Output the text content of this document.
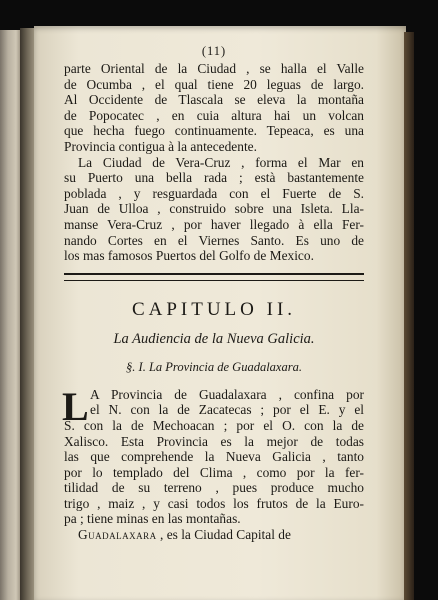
(11)
parte Oriental de la Ciudad , se halla el Valle
de Ocumba , el qual tiene 20 leguas de largo.
Al Occidente de Tlascala se eleva la montaña
de Popocatec , en cuia altura hai un volcan
que hecha fuego continuamente. Tepeaca, es una
Provincia contigua à la antecedente.
La Ciudad de Vera-Cruz , forma el Mar en
su Puerto una bella rada ; està bastantemente
poblada , y resguardada con el Fuerte de S.
Juan de Ulloa , construido sobre una Isleta. Lla-
manse Vera-Cruz , por haver llegado à ella Fer-
nando Cortes en el Viernes Santo. Es uno de
los mas famosos Puertos del Golfo de Mexico.
CAPITULO II.
La Audiencia de la Nueva Galicia.
§. I. La Provincia de Guadalaxara.
L A Provincia de Guadalaxara , confina por
el N. con la de Zacatecas ; por el E. y el
S. con la de Mechoacan ; por el O. con la de
Xalisco. Esta Provincia es la mejor de todas
las que comprehende la Nueva Galicia , tanto
por lo templado del Clima , como por la fer-
tilidad de su terreno , pues produce mucho
trigo , maiz , y casi todos los frutos de la Euro-
pa ; tiene minas en las montañas.
Guadalaxara , es la Ciudad Capital de
